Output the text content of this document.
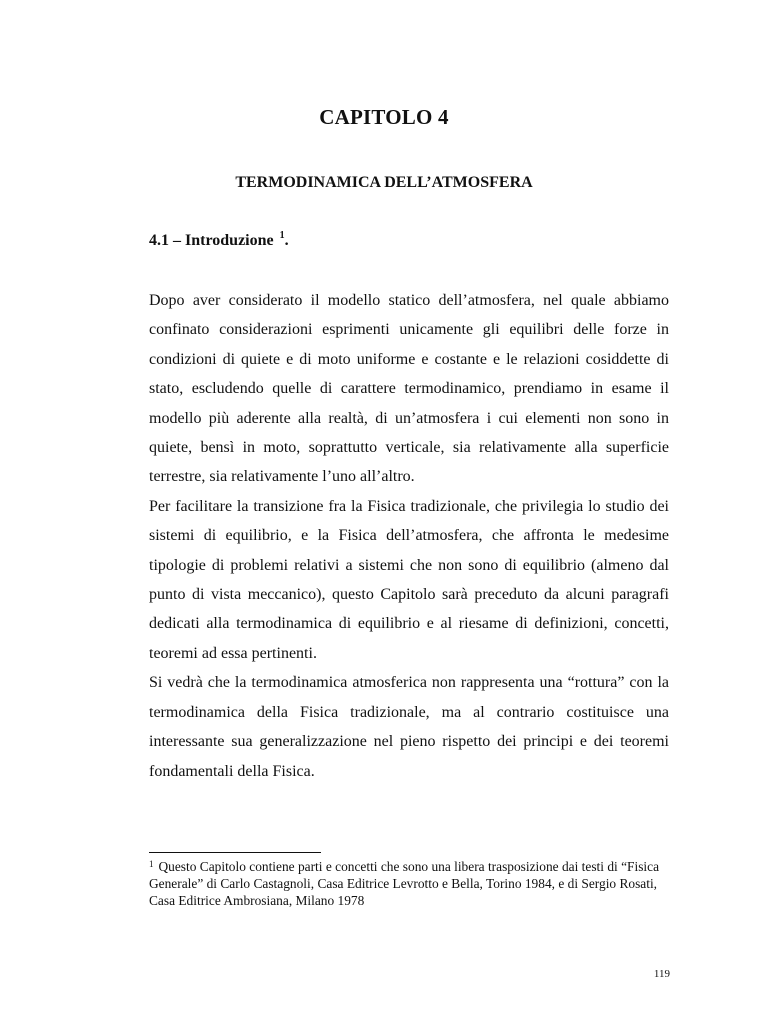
CAPITOLO 4
TERMODINAMICA DELL’ATMOSFERA
4.1 – Introduzione $^1$.

Dopo aver considerato il modello statico dell’atmosfera, nel quale abbiamo confinato considerazioni esprimenti unicamente gli equilibri delle forze in condizioni di quiete e di moto uniforme e costante e le relazioni cosiddette di stato, escludendo quelle di carattere termodinamico, prendiamo in esame il modello più aderente alla realtà, di un’atmosfera i cui elementi non sono in quiete, bensì in moto, soprattutto verticale, sia relativamente alla superficie terrestre, sia relativamente l’uno all’altro.

Per facilitare la transizione fra la Fisica tradizionale, che privilegia lo studio dei sistemi di equilibrio, e la Fisica dell’atmosfera, che affronta le medesime tipologie di problemi relativi a sistemi che non sono di equilibrio (almeno dal punto di vista meccanico), questo Capitolo sarà preceduto da alcuni paragrafi dedicati alla termodinamica di equilibrio e al riesame di definizioni, concetti, teoremi ad essa pertinenti.

Si vedrà che la termodinamica atmosferica non rappresenta una “rottura” con la termodinamica della Fisica tradizionale, ma al contrario costituisce una interessante sua generalizzazione nel pieno rispetto dei principi e dei teoremi fondamentali della Fisica.

$^1$ Questo Capitolo contiene parti e concetti che sono una libera trasposizione dai testi di “Fisica Generale” di Carlo Castagnoli, Casa Editrice Levrotto e Bella, Torino 1984, e di Sergio Rosati, Casa Editrice Ambrosiana, Milano 1978
119
